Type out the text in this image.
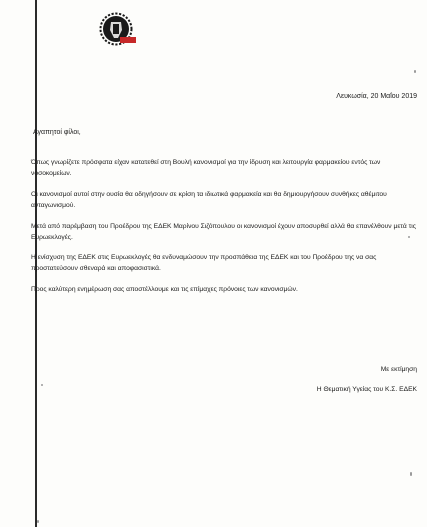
Λευκωσία, 20 Μαΐου 2019
Αγαπητοί φίλοι,
Όπως γνωρίζετε πρόσφατα είχαν κατατεθεί στη Βουλή κανονισμοί για την ίδρυση και λειτουργία φαρμακείου εντός των νοσοκομείων.
Οι κανονισμοί αυτοί στην ουσία θα οδηγήσουν σε κρίση τα ιδιωτικά φαρμακεία και θα δημιουργήσουν συνθήκες αθέμιτου ανταγωνισμού.
Μετά από παρέμβαση του Προέδρου της ΕΔΕΚ Μαρίνου Σιζόπουλου οι κανονισμοί έχουν αποσυρθεί αλλά θα επανέλθουν μετά τις Ευρωεκλογές.
Η ενίσχυση της ΕΔΕΚ στις Ευρωεκλογές θα ενδυναμώσουν την προσπάθεια της ΕΔΕΚ και του Προέδρου της να σας προστατεύσουν σθεναρά και αποφασιστικά.
Προς καλύτερη ενημέρωση σας αποστέλλουμε και τις επίμαχες πρόνοιες των κανονισμών.
Με εκτίμηση
Η Θεματική Υγείας του Κ.Σ. ΕΔΕΚ
